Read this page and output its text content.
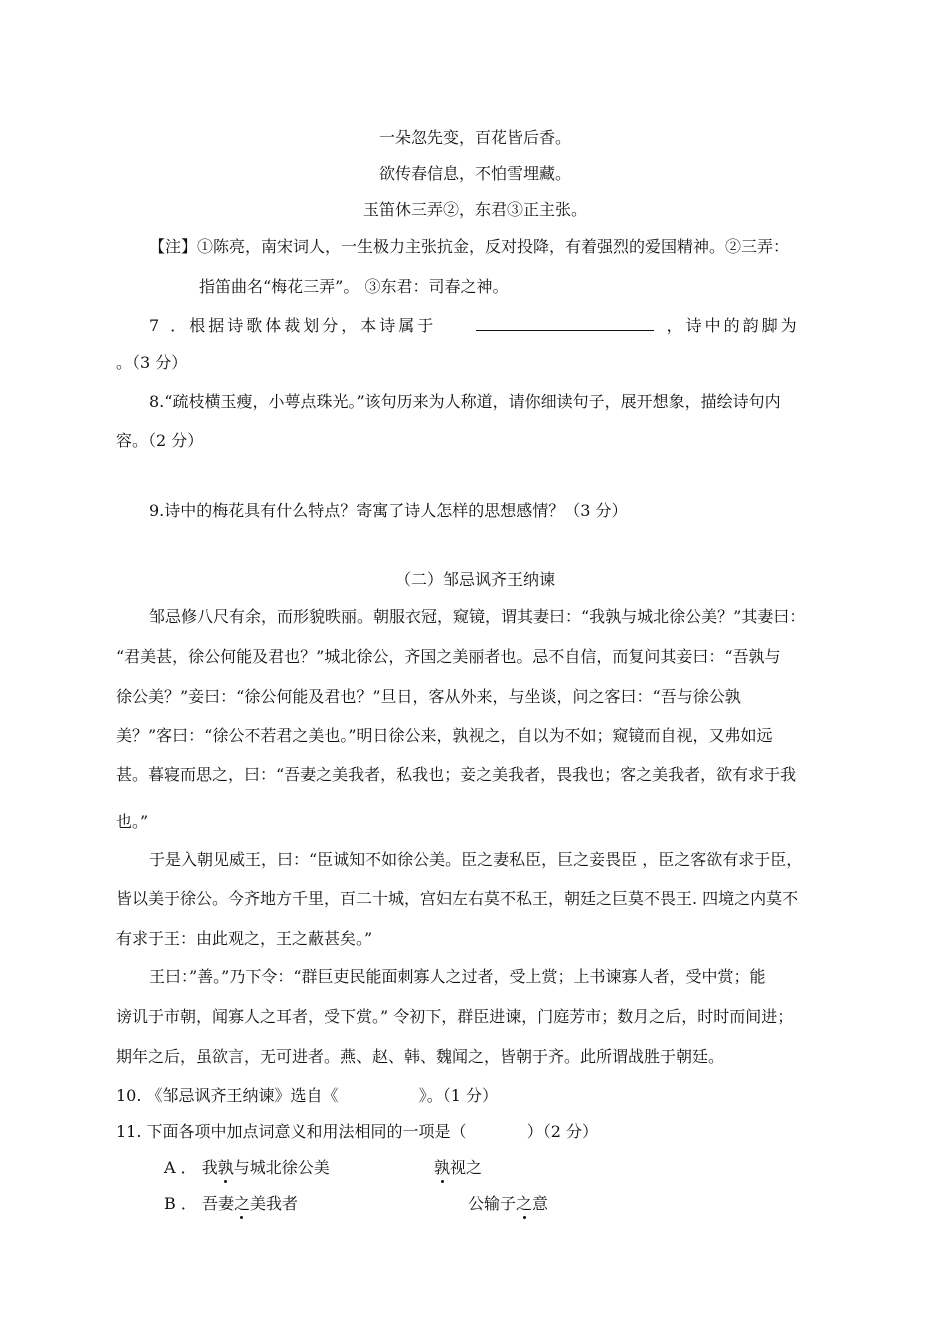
一朵忽先变，百花皆后香。
欲传春信息，不怕雪埋藏。
玉笛休三弄②，东君③正主张。
【注】①陈亮，南宋词人，一生极力主张抗金，反对投降，有着强烈的爱国精神。②三弄：
指笛曲名“梅花三弄”。 ③东君：司春之神。
7 ．根据诗歌体裁划分，本诗属于	，诗中的韵脚为
。（3 分）
8.“疏枝横玉瘦，小萼点珠光。”该句历来为人称道，请你细读句子，展开想象，描绘诗句内
容。（2 分）
9.诗中的梅花具有什么特点？寄寓了诗人怎样的思想感情？（3 分）
（二）邹忌讽齐王纳谏
邹忌修八尺有余，而形貌昳丽。朝服衣冠，窥镜，谓其妻曰：“我孰与城北徐公美？”其妻曰：
“君美甚，徐公何能及君也？”城北徐公，齐国之美丽者也。忌不自信，而复问其妾曰：“吾孰与
徐公美？”妾曰：“徐公何能及君也？”旦日，客从外来，与坐谈，问之客曰：“吾与徐公孰
美？”客曰：“徐公不若君之美也。”明日徐公来，孰视之，自以为不如；窥镜而自视，又弗如远
甚。暮寝而思之，曰：“吾妻之美我者，私我也；妾之美我者，畏我也；客之美我者，欲有求于我
也。”
于是入朝见威王，曰：“臣诚知不如徐公美。臣之妻私臣，巨之妾畏臣 ，臣之客欲有求于臣，
皆以美于徐公。今齐地方千里，百二十城，宫妇左右莫不私王，朝廷之巨莫不畏王. 四境之内莫不
有求于王：由此观之，王之蔽甚矣。”
王曰：”善。”乃下令：“群巨吏民能面刺寡人之过者，受上赏；上书谏寡人者，受中赏；能
谤讥于市朝，闻寡人之耳者，受下赏。” 令初下，群臣进谏，门庭芳市；数月之后，时时而间进；
期年之后，虽欲言，无可进者。燕、赵、韩、魏闻之，皆朝于齐。此所谓战胜于朝廷。
10. 《邹忌讽齐王纳谏》选自《	》。（1 分）
11. 下面各项中加点词意义和用法相同的一项是（	）（2 分）
A ． 我孰与城北徐公美	孰视之
B ． 吾妻之美我者	公输子之意
